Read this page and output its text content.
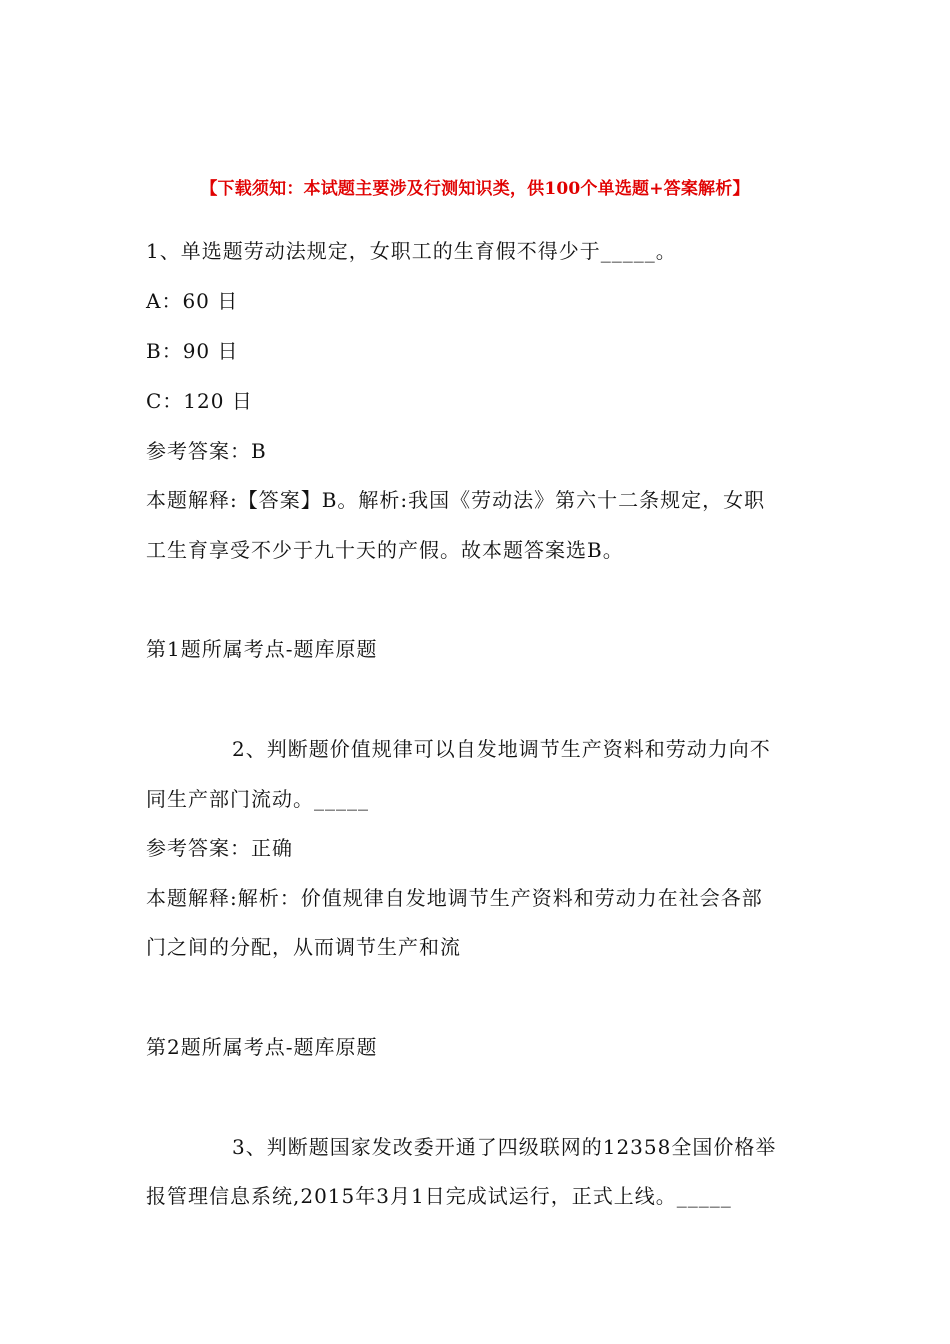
【下载须知：本试题主要涉及行测知识类，供100个单选题+答案解析】
1、单选题劳动法规定，女职工的生育假不得少于_____。
A：60 日
B：90 日
C：120 日
参考答案：B
本题解释:【答案】B。解析:我国《劳动法》第六十二条规定，女职
工生育享受不少于九十天的产假。故本题答案选B。
第1题所属考点-题库原题
2、判断题价值规律可以自发地调节生产资料和劳动力向不
同生产部门流动。_____
参考答案：正确
本题解释:解析：价值规律自发地调节生产资料和劳动力在社会各部
门之间的分配，从而调节生产和流
第2题所属考点-题库原题
3、判断题国家发改委开通了四级联网的12358全国价格举
报管理信息系统,2015年3月1日完成试运行，正式上线。_____
